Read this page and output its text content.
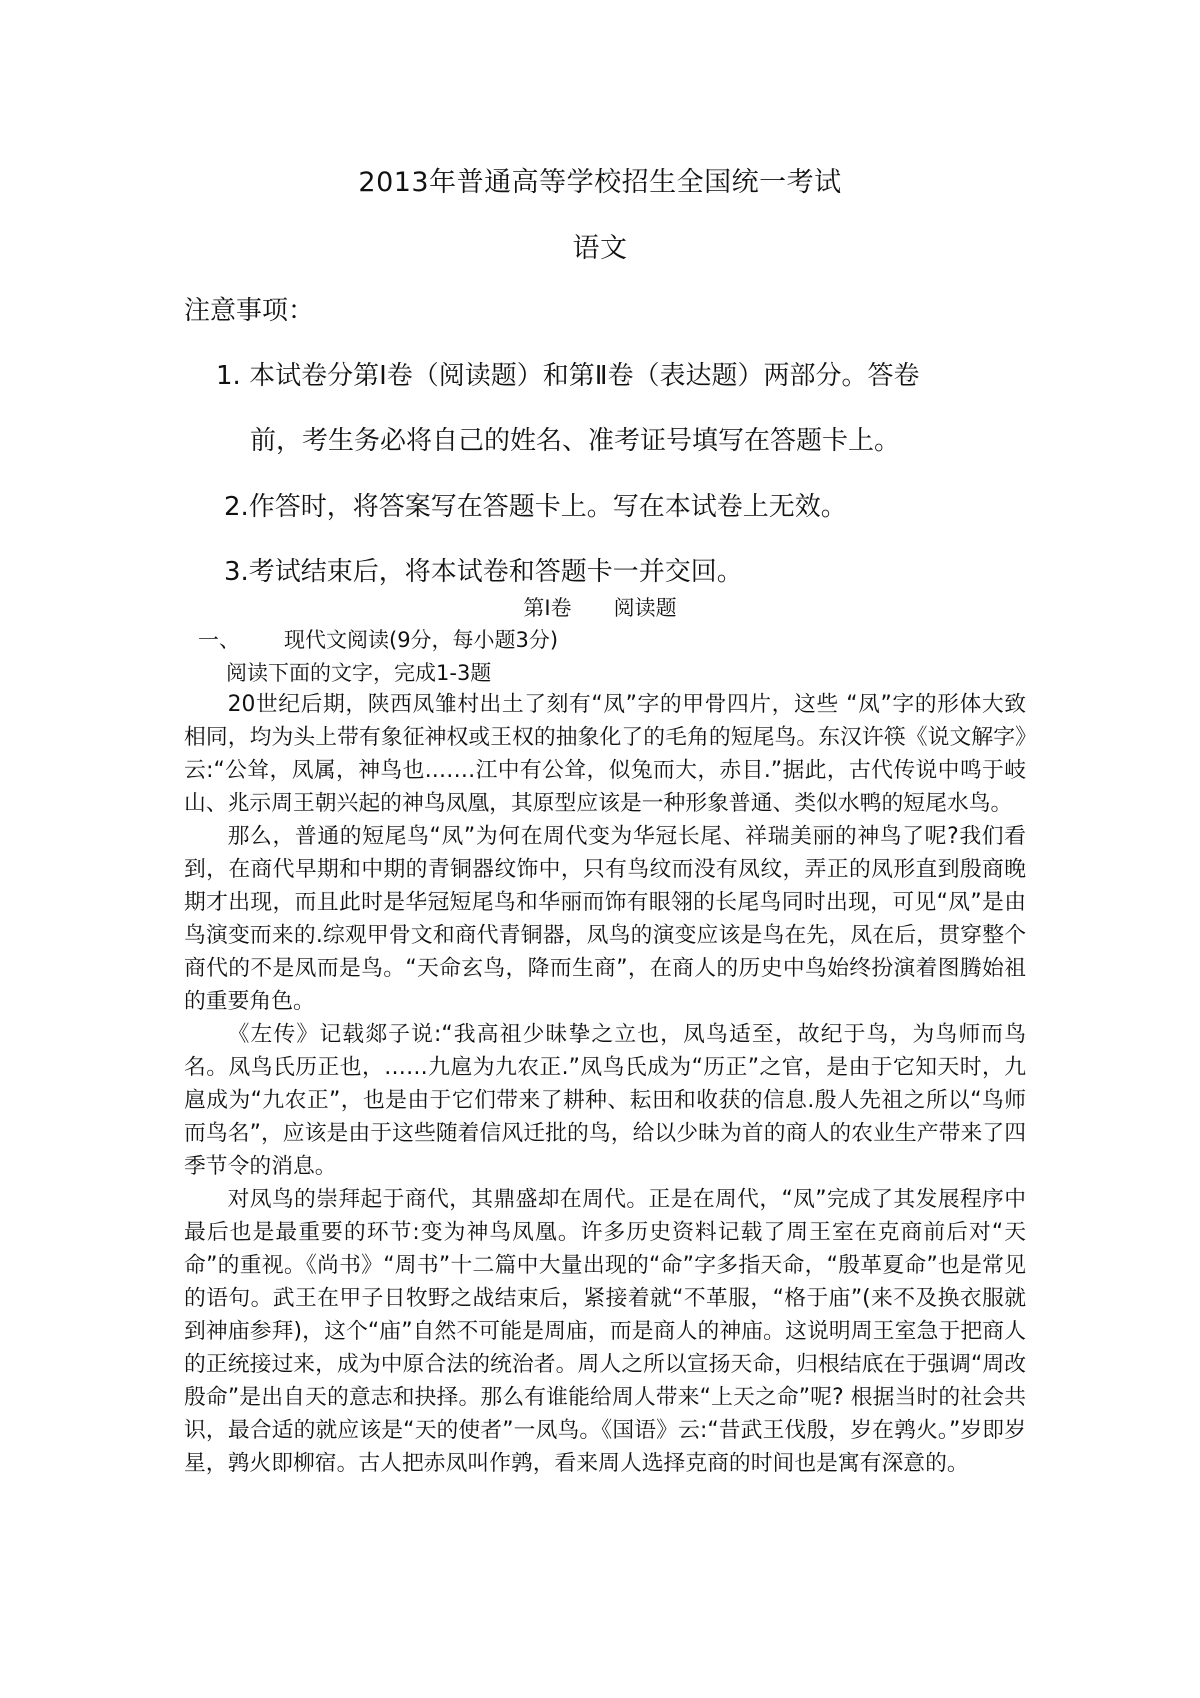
2013年普通高等学校招生全国统一考试
语文
注意事项：
1. 本试卷分第Ⅰ卷（阅读题）和第Ⅱ卷（表达题）两部分。答卷
前，考生务必将自己的姓名、准考证号填写在答题卡上。
2.作答时，将答案写在答题卡上。写在本试卷上无效。
3.考试结束后，将本试卷和答题卡一并交回。
第Ⅰ卷 阅读题
一、 现代文阅读(9分，每小题3分)
阅读下面的文字，完成1-3题

20世纪后期，陕西凤雏村出土了刻有“凤”字的甲骨四片，这些 “凤”字的形体大致相同，均为头上带有象征神权或王权的抽象化了的毛角的短尾鸟。东汉许筷《说文解字》云:“公耸，凤属，神鸟也.……江中有公耸，似兔而大，赤目.”据此，古代传说中鸣于岐山、兆示周王朝兴起的神鸟凤凰，其原型应该是一种形象普通、类似水鸭的短尾水鸟。

那么，普通的短尾鸟“凤”为何在周代变为华冠长尾、祥瑞美丽的神鸟了呢?我们看到，在商代早期和中期的青铜器纹饰中，只有鸟纹而没有凤纹，弄正的凤形直到殷商晚期才出现，而且此时是华冠短尾鸟和华丽而饰有眼翎的长尾鸟同时出现，可见“凤”是由鸟演变而来的.综观甲骨文和商代青铜器，凤鸟的演变应该是鸟在先，凤在后，贯穿整个商代的不是凤而是鸟。“天命玄鸟，降而生商”，在商人的历史中鸟始终扮演着图腾始祖的重要角色。

《左传》记载郯子说:“我高祖少昧挚之立也，凤鸟适至，故纪于鸟，为鸟师而鸟名。凤鸟氏历正也，……九扈为九农正.”凤鸟氏成为“历正”之官，是由于它知天时，九扈成为“九农正”，也是由于它们带来了耕种、耘田和收获的信息.殷人先祖之所以“鸟师而鸟名”，应该是由于这些随着信风迁批的鸟，给以少昧为首的商人的农业生产带来了四季节令的消息。

对凤鸟的崇拜起于商代，其鼎盛却在周代。正是在周代，“凤”完成了其发展程序中最后也是最重要的环节:变为神鸟凤凰。许多历史资料记载了周王室在克商前后对“天命”的重视。《尚书》“周书”十二篇中大量出现的“命”字多指天命，“殷革夏命”也是常见的语句。武王在甲子日牧野之战结束后，紧接着就“不革服，“格于庙”(来不及换衣服就到神庙参拜)，这个“庙”自然不可能是周庙，而是商人的神庙。这说明周王室急于把商人的正统接过来，成为中原合法的统治者。周人之所以宣扬天命，归根结底在于强调“周改殷命”是出自天的意志和抉择。那么有谁能给周人带来“上天之命”呢? 根据当时的社会共识，最合适的就应该是“天的使者”一凤鸟。《国语》云:“昔武王伐殷，岁在鹑火。”岁即岁星，鹑火即柳宿。古人把赤凤叫作鹑，看来周人选择克商的时间也是寓有深意的。
